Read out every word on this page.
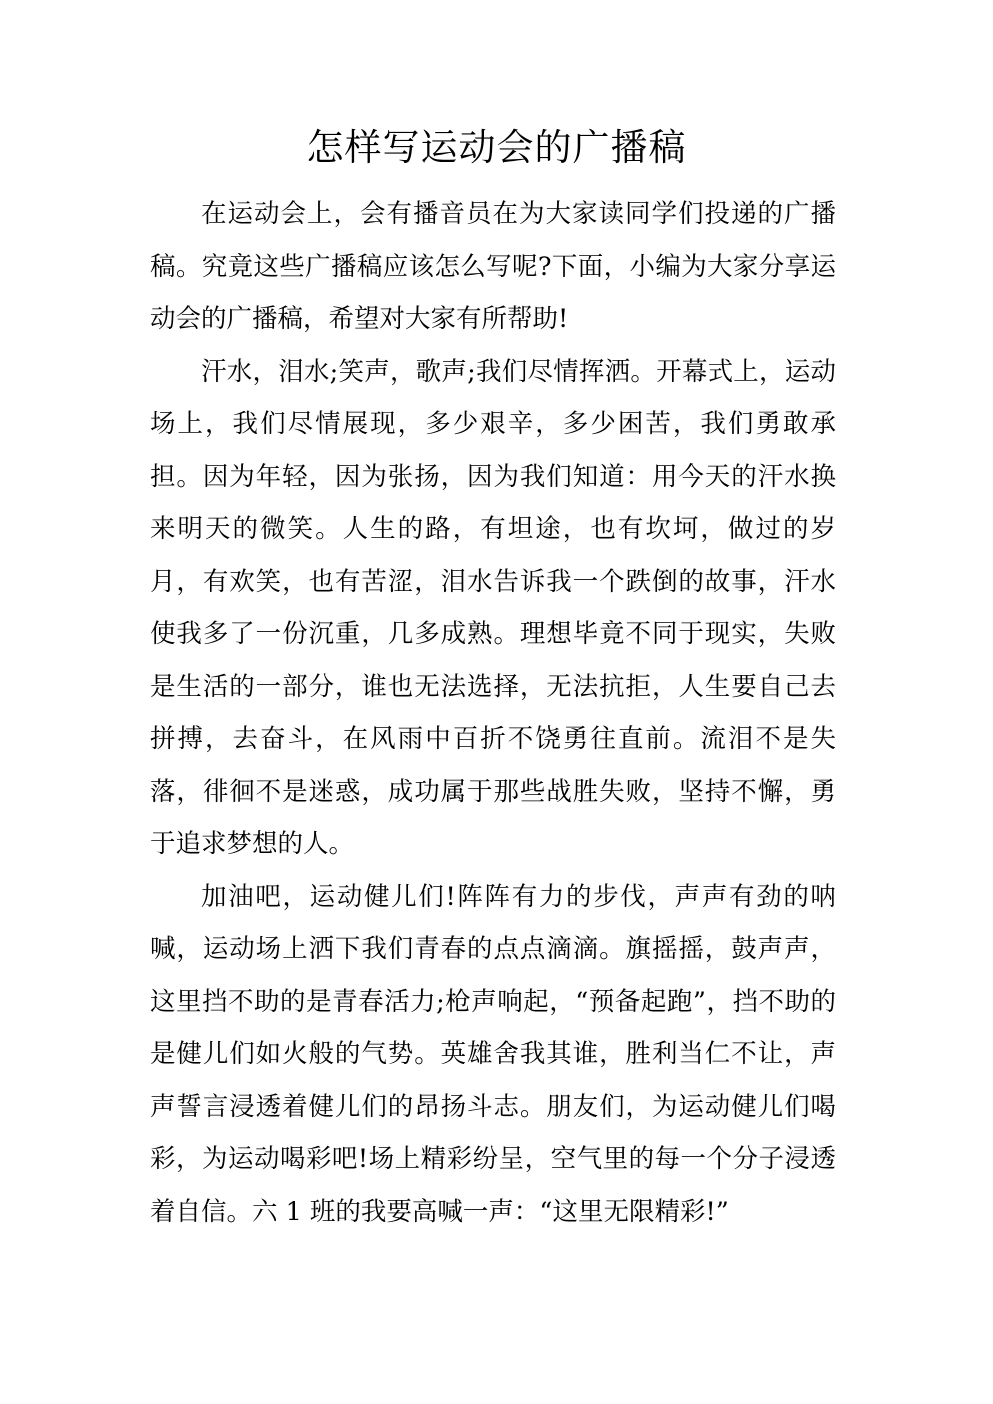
怎样写运动会的广播稿

在运动会上，会有播音员在为大家读同学们投递的广播稿。究竟这些广播稿应该怎么写呢?下面，小编为大家分享运动会的广播稿，希望对大家有所帮助!

汗水，泪水;笑声，歌声;我们尽情挥洒。开幕式上，运动场上，我们尽情展现，多少艰辛，多少困苦，我们勇敢承担。因为年轻，因为张扬，因为我们知道：用今天的汗水换来明天的微笑。人生的路，有坦途，也有坎坷，做过的岁月，有欢笑，也有苦涩，泪水告诉我一个跌倒的故事，汗水使我多了一份沉重，几多成熟。理想毕竟不同于现实，失败是生活的一部分，谁也无法选择，无法抗拒，人生要自己去拼搏，去奋斗，在风雨中百折不饶勇往直前。流泪不是失落，徘徊不是迷惑，成功属于那些战胜失败，坚持不懈，勇于追求梦想的人。

加油吧，运动健儿们!阵阵有力的步伐，声声有劲的呐喊，运动场上洒下我们青春的点点滴滴。旗摇摇，鼓声声，这里挡不助的是青春活力;枪声响起，“预备起跑”，挡不助的是健儿们如火般的气势。英雄舍我其谁，胜利当仁不让，声声誓言浸透着健儿们的昂扬斗志。朋友们，为运动健儿们喝彩，为运动喝彩吧!场上精彩纷呈，空气里的每一个分子浸透着自信。六 1 班的我要高喊一声：“这里无限精彩!”
